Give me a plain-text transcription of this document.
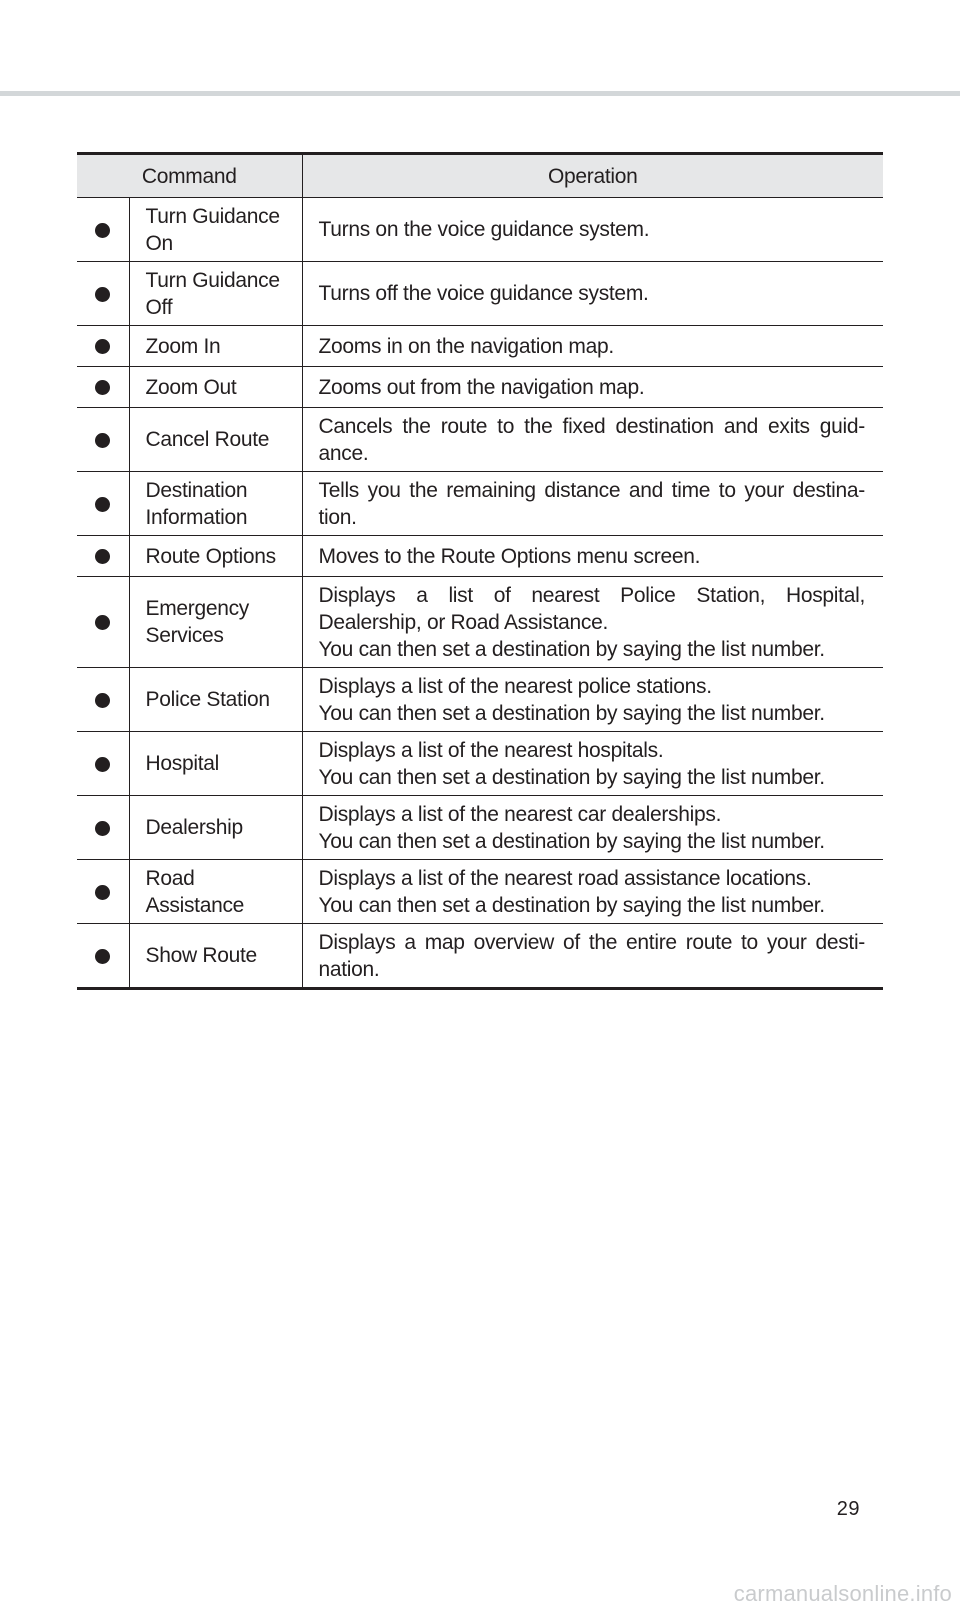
Command		Operation
	Turn Guidance On	Turns on the voice guidance system.

	Turn Guidance Off	Turns off the voice guidance system.

	Zoom In	Zooms in on the navigation map.

	Zoom Out	Zooms out from the navigation map.

	Cancel Route	Cancels the route to the fixed destination and exits guid-ance.

	Destination Information	Tells you the remaining distance and time to your destina-tion.

	Route Options	Moves to the Route Options menu screen.

	Emergency Services	Displays a list of nearest Police Station, Hospital,
Dealership, or Road Assistance.
You can then set a destination by saying the list number.

	Police Station	Displays a list of the nearest police stations.
You can then set a destination by saying the list number.

	Hospital	Displays a list of the nearest hospitals.
You can then set a destination by saying the list number.

	Dealership	Displays a list of the nearest car dealerships.
You can then set a destination by saying the list number.

	Road Assistance	Displays a list of the nearest road assistance locations.
You can then set a destination by saying the list number.

	Show Route	Displays a map overview of the entire route to your desti-nation.
29
carmanualsonline.info
